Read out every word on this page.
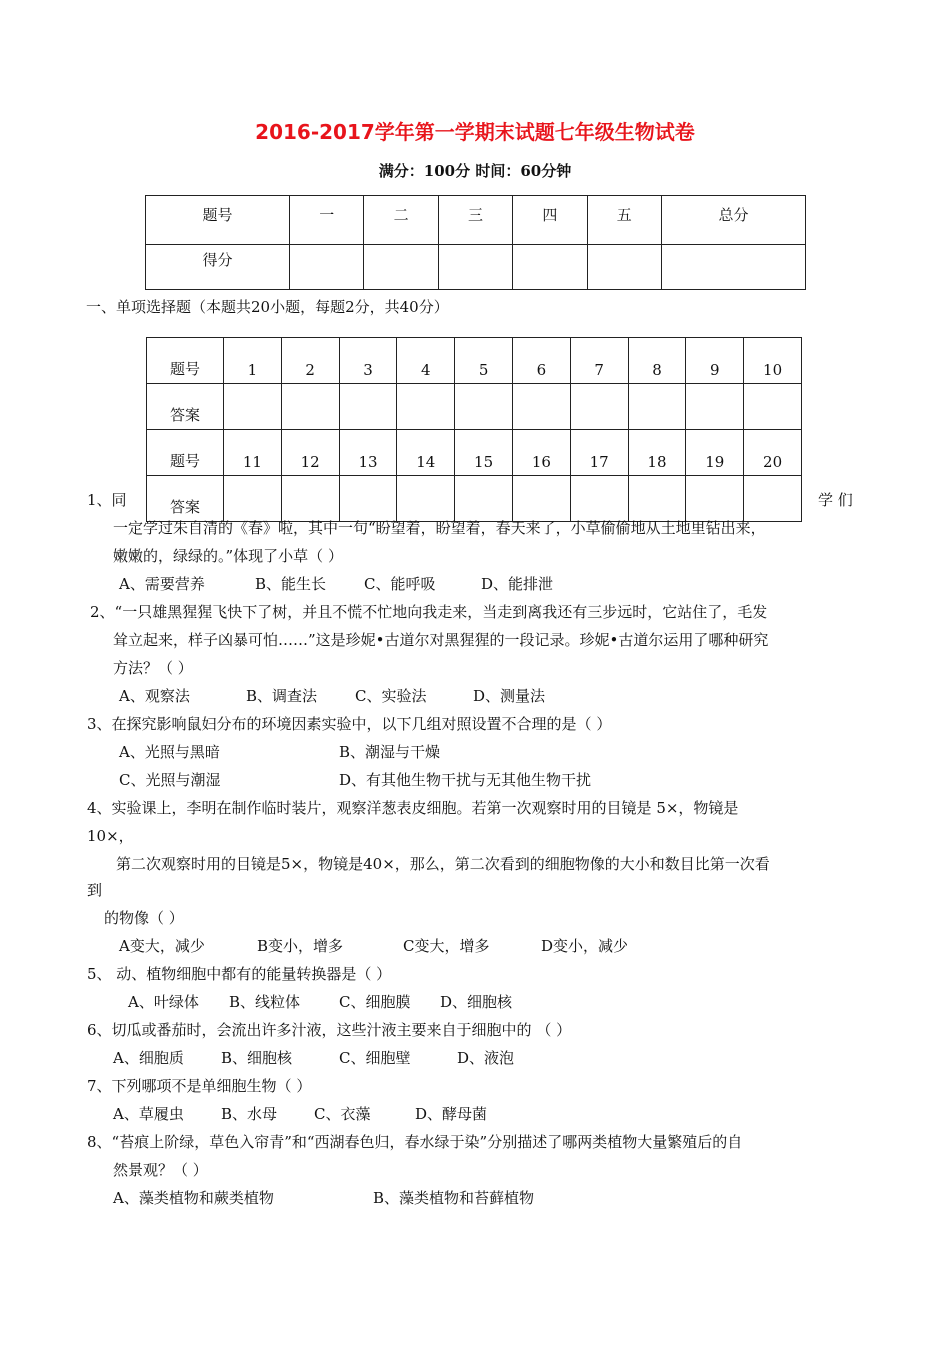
2016-2017学年第一学期末试题七年级生物试卷
满分：100分 时间：60分钟
题号	一	二	三	四	五	总分
得分						
一、单项选择题（本题共20小题，每题2分，共40分）
题号	1	2	3	4	5	6	7	8	9	10
答案										
题号	11	12	13	14	15	16	17	18	19	20
答案										
1、同	学 们
一定学过朱自清的《春》啦，其中一句“盼望着，盼望着，春天来了，小草偷偷地从土地里钻出来，
嫩嫩的，绿绿的。”体现了小草（ ）
A、需要营养	B、能生长	C、能呼吸	D、能排泄
2、“一只雄黑猩猩飞快下了树，并且不慌不忙地向我走来，当走到离我还有三步远时，它站住了，毛发
耸立起来，样子凶暴可怕……”这是珍妮•古道尔对黑猩猩的一段记录。珍妮•古道尔运用了哪种研究
方法？（ ）
A、观察法	B、调查法	C、实验法	D、测量法
3、在探究影响鼠妇分布的环境因素实验中，以下几组对照设置不合理的是（ ）
A、光照与黑暗	B、潮湿与干燥
C、光照与潮湿	D、有其他生物干扰与无其他生物干扰
4、实验课上，李明在制作临时装片，观察洋葱表皮细胞。若第一次观察时用的目镜是 5×，物镜是
10×，
第二次观察时用的目镜是5×，物镜是40×，那么，第二次看到的细胞物像的大小和数目比第一次看
到
的物像（ ）
A变大，减少	B变小，增多	C变大，增多	D变小，减少
5、 动、植物细胞中都有的能量转换器是（ ）
A、叶绿体 B、线粒体	C、细胞膜 D、细胞核
6、切瓜或番茄时，会流出许多汁液，这些汁液主要来自于细胞中的 （ ）
A、细胞质 B、细胞核	C、细胞壁	D、液泡
7、下列哪项不是单细胞生物（ ）
A、草履虫 B、水母 C、衣藻	D、酵母菌
8、“苔痕上阶绿，草色入帘青”和“西湖春色归，春水绿于染”分别描述了哪两类植物大量繁殖后的自
然景观？（ ）
A、藻类植物和蕨类植物	B、藻类植物和苔藓植物
